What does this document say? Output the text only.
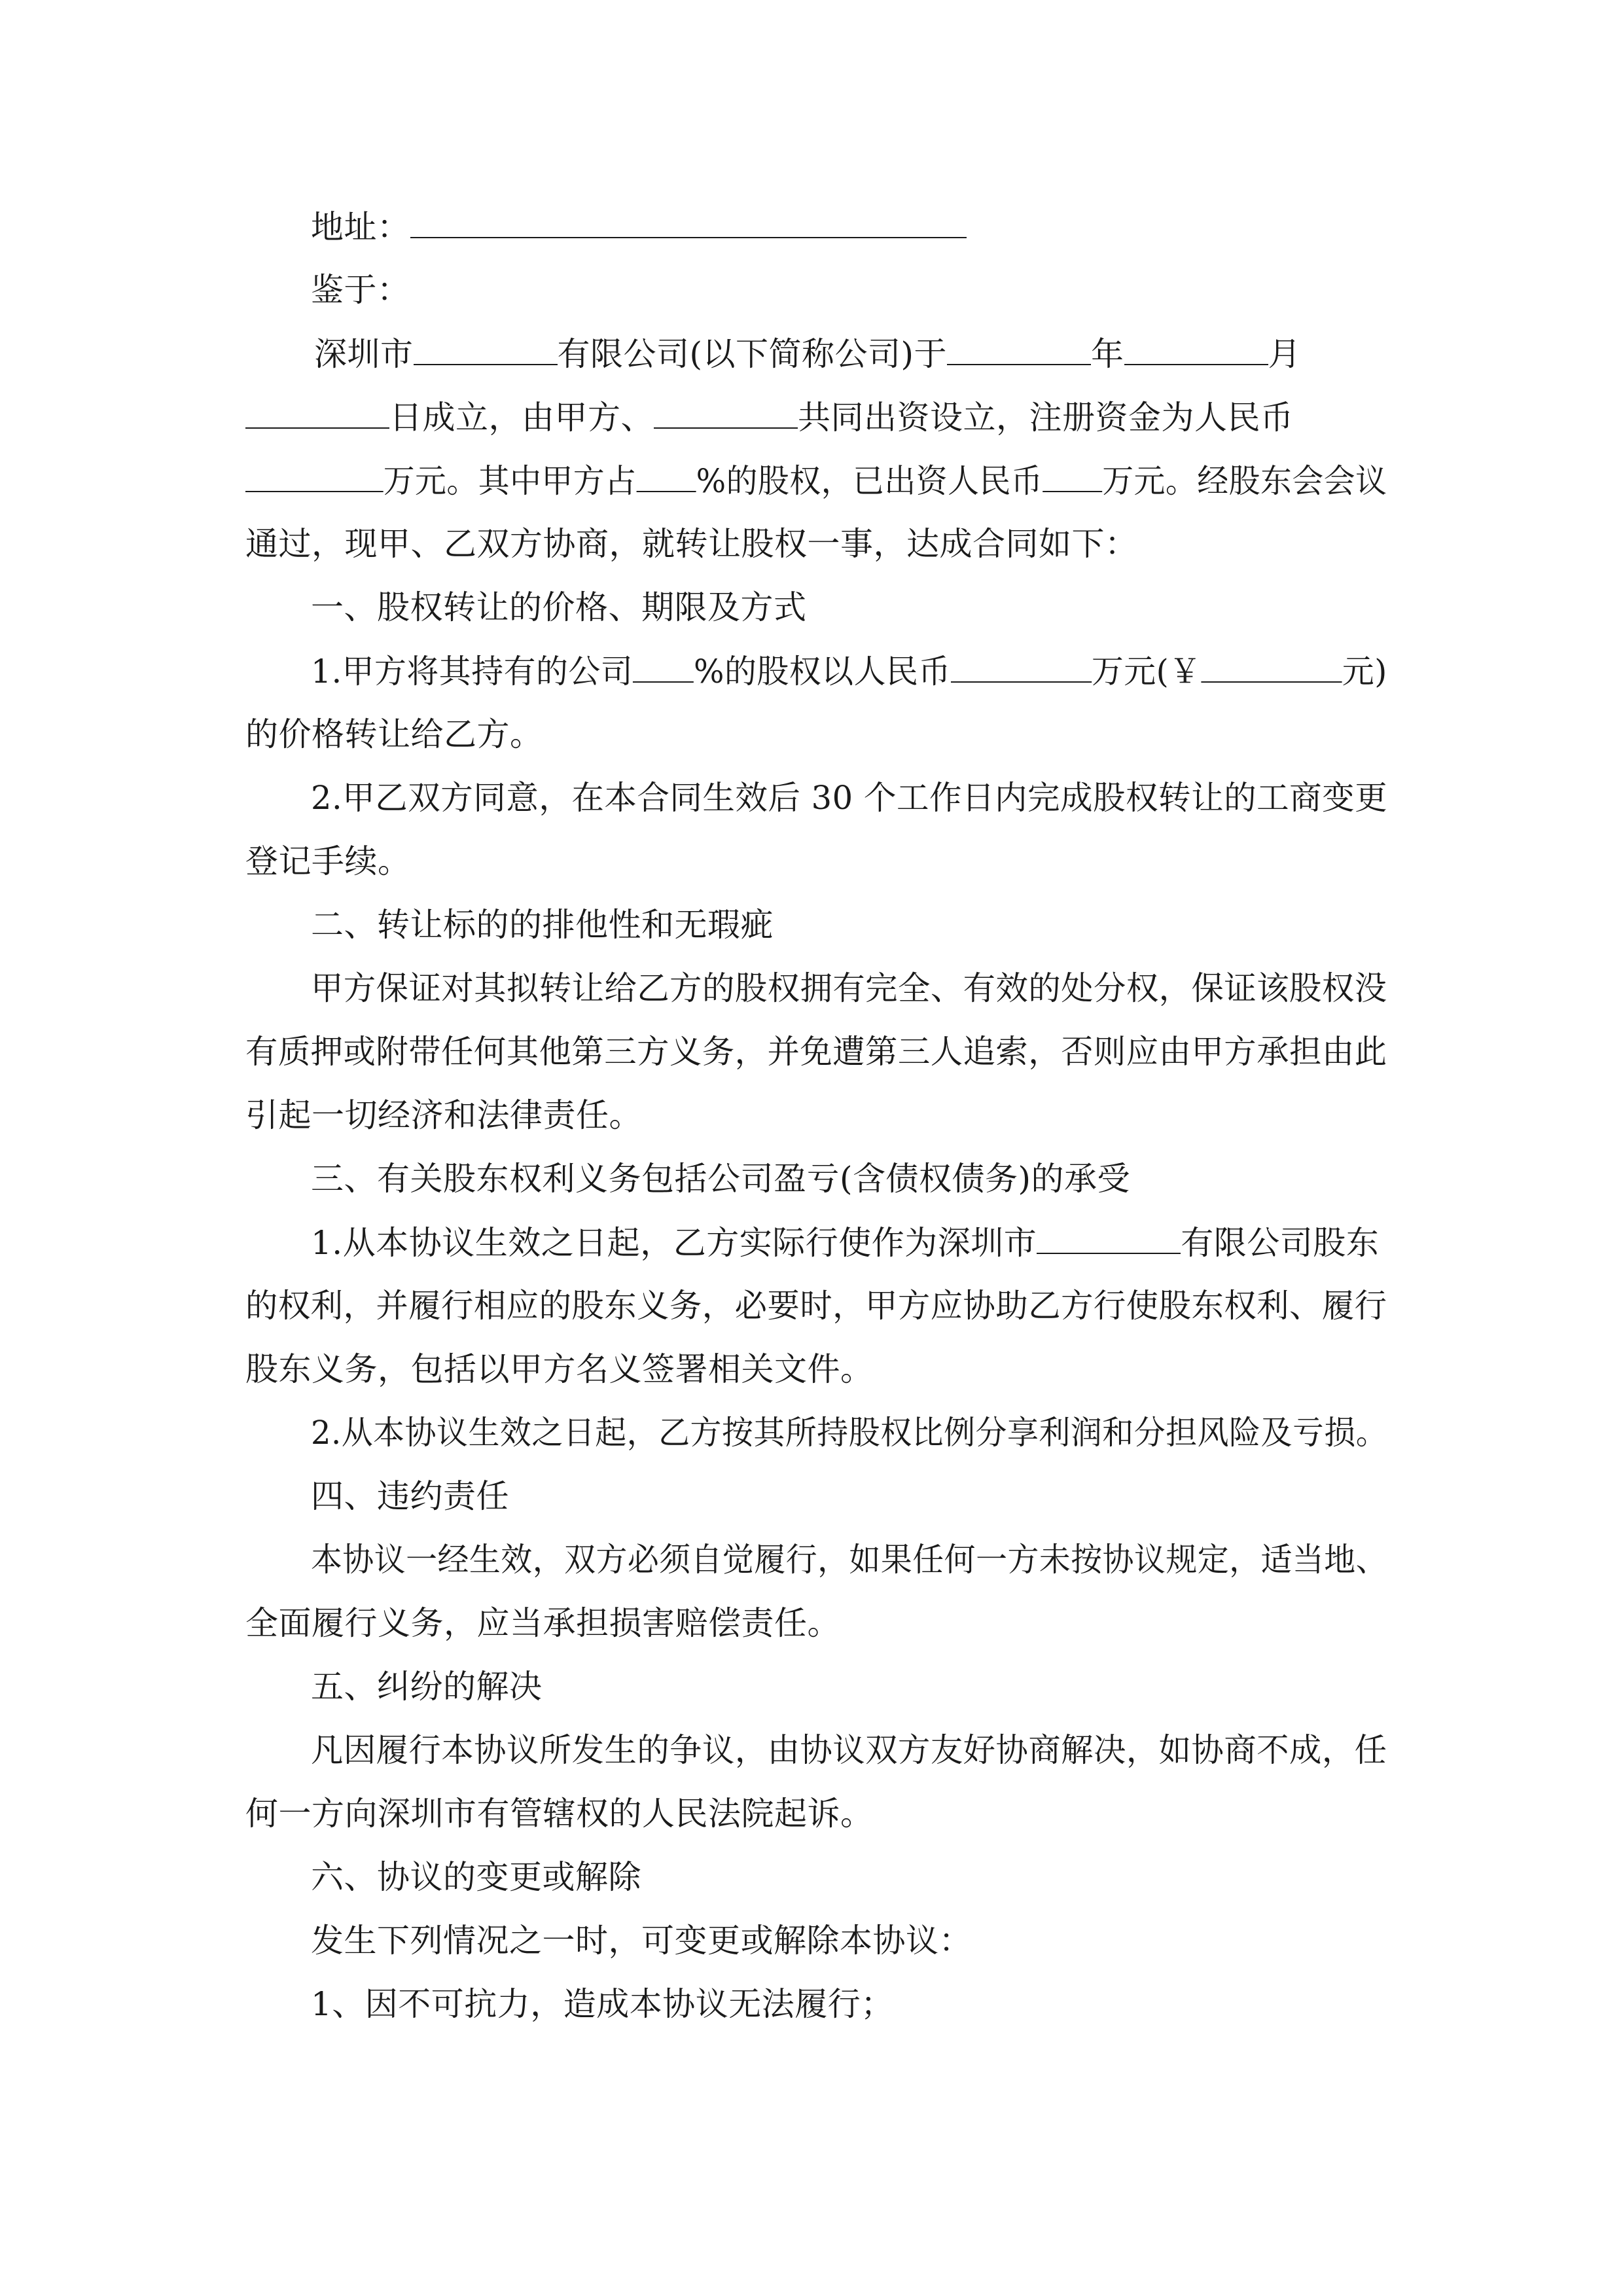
地址：
鉴于：
深圳市	有限公司(以下简称公司)于	年	月
日成立，由甲方、	共同出资设立，注册资金为人民币
万元。其中甲方占 %的股权，已出资人民币 万元。经股东会会议
通过，现甲、乙双方协商，就转让股权一事，达成合同如下：
一、股权转让的价格、期限及方式
1.甲方将其持有的公司 %的股权以人民币	万元(￥	元)
的价格转让给乙方。
2.甲乙双方同意，在本合同生效后 30 个工作日内完成股权转让的工商变更
登记手续。
二、转让标的的排他性和无瑕疵
甲方保证对其拟转让给乙方的股权拥有完全、有效的处分权，保证该股权没
有质押或附带任何其他第三方义务，并免遭第三人追索，否则应由甲方承担由此
引起一切经济和法律责任。
三、有关股东权利义务包括公司盈亏(含债权债务)的承受
1.从本协议生效之日起，乙方实际行使作为深圳市	有限公司股东
的权利，并履行相应的股东义务，必要时，甲方应协助乙方行使股东权利、履行
股东义务，包括以甲方名义签署相关文件。
2.从本协议生效之日起，乙方按其所持股权比例分享利润和分担风险及亏损。
四、违约责任
本协议一经生效，双方必须自觉履行，如果任何一方未按协议规定，适当地、
全面履行义务，应当承担损害赔偿责任。
五、纠纷的解决
凡因履行本协议所发生的争议，由协议双方友好协商解决，如协商不成，任
何一方向深圳市有管辖权的人民法院起诉。
六、协议的变更或解除
发生下列情况之一时，可变更或解除本协议：
1、因不可抗力，造成本协议无法履行；
